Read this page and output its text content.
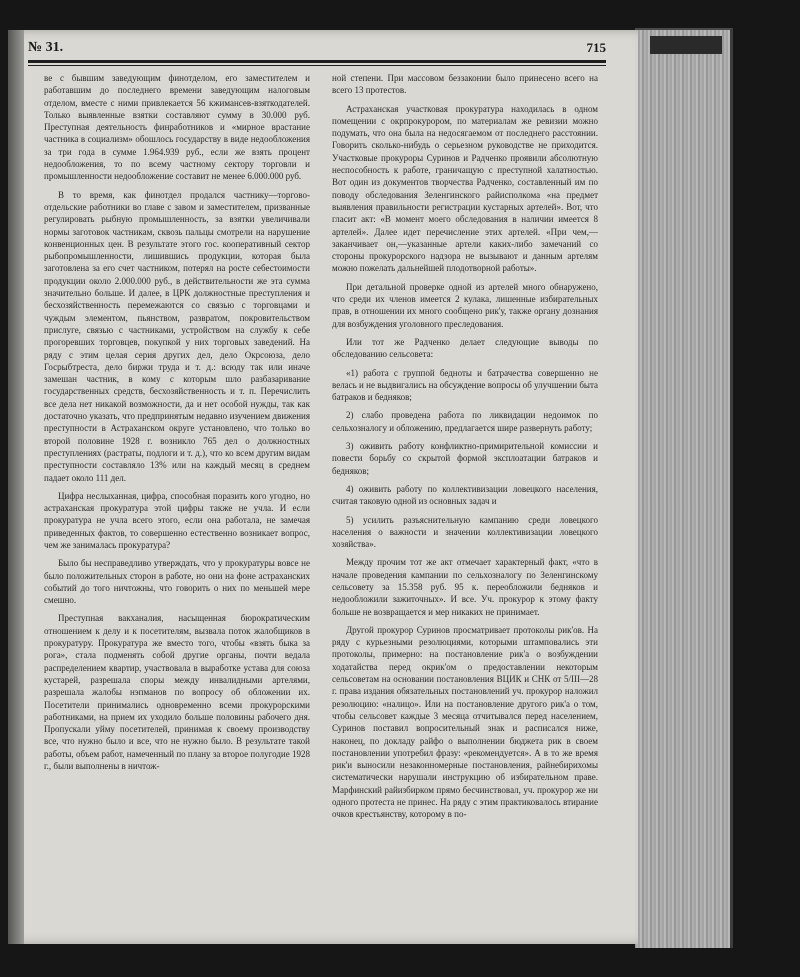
№ 31.	715

ве с бывшим заведующим финотделом, его заместителем и работавшим до последнего времени заведующим налоговым отделом, вместе с ними привлекается 56 кжимансев-взяткодателей. Только выявленные взятки составляют сумму в 30.000 руб. Преступная деятельность финработников и «мирное врастание частника в социализм» обошлось государству в виде недообложения за три года в сумме 1.964.939 руб., если же взять процент недообложения, то по всему частному сектору торговли и промышленности недообложение составит не менее 6.000.000 руб.

В то время, как финотдел продался частнику—торгово-отдельские работники во главе с завом и заместителем, призванные регулировать рыбную промышленность, за взятки увеличивали нормы заготовок частникам, сквозь пальцы смотрели на нарушение конвенционных цен. В результате этого гос. кооперативный сектор рыбопромышленности, лишившись продукции, которая была заготовлена за его счет частником, потерял на росте себестоимости продукции около 2.000.000 руб., в действительности же эта сумма значительно больше. И далее, в ЦРК должностные преступления и бесхозяйственность перемежаются со связью с торговцами и чуждым элементом, пьянством, развратом, покровительством прислуге, связью с частниками, устройством на службу к себе прогоревших торговцев, покупкой у них торговых заведений. На ряду с этим целая серия других дел, дело Окрсоюза, дело Госрыбтреста, дело биржи труда и т. д.: всюду так или иначе замешан частник, в кому с которым шло разбазаривание государственных средств, бесхозяйственность и т. п. Перечислить все дела нет никакой возможности, да и нет особой нужды, так как достаточно указать, что предпринятым недавно изучением движения преступности в Астраханском округе установлено, что только во второй половине 1928 г. возникло 765 дел о должностных преступлениях (растраты, подлоги и т. д.), что ко всем другим видам преступности составляло 13% или на каждый месяц в среднем падает около 111 дел.

Цифра неслыханная, цифра, способная поразить кого угодно, но астраханская прокуратура этой цифры также не учла. И если прокуратура не учла всего этого, если она работала, не замечая приведенных фактов, то совершенно естественно возникает вопрос, чем же занималась прокуратура?

Было бы несправедливо утверждать, что у прокуратуры вовсе не было положительных сторон в работе, но они на фоне астраханских событий до того ничтожны, что говорить о них по меньшей мере смешно.

Преступная вакханалия, насыщенная бюрократическим отношением к делу и к посетителям, вызвала поток жалобщиков в прокуратуру. Прокуратура же вместо того, чтобы «взять быка за рога», стала подменять собой другие органы, почти ведала распределением квартир, участвовала в выработке устава для союза кустарей, разрешала споры между инвалидными артелями, разрешала жалобы нэпманов по вопросу об обложении их. Посетители принимались одновременно всеми прокурорскими работниками, на прием их уходило больше половины рабочего дня. Пропускали уйму посетителей, принимая к своему производству все, что нужно было и все, что не нужно было. В результате такой работы, объем работ, намеченный по плану за второе полугодие 1928 г., были выполнены в ничтож-

ной степени. При массовом беззаконии было принесено всего на всего 13 протестов.

Астраханская участковая прокуратура находилась в одном помещении с окрпрокурором, по материалам же ревизии можно подумать, что она была на недосягаемом от последнего расстоянии. Говорить сколько-нибудь о серьезном руководстве не приходится. Участковые прокуроры Суринов и Радченко проявили абсолютную неспособность к работе, граничащую с преступной халатностью. Вот один из документов творчества Радченко, составленный им по поводу обследования Зеленгинского райисполкома «на предмет выявления правильности регистрации кустарных артелей». Вот, что гласит акт: «В момент моего обследования в наличии имеется 8 артелей». Далее идет перечисление этих артелей. «При чем,—заканчивает он,—указанные артели каких-либо замечаний со стороны прокурорского надзора не вызывают и данным артелям можно пожелать дальнейшей плодотворной работы».

При детальной проверке одной из артелей много обнаружено, что среди их членов имеется 2 кулака, лишенные избирательных прав, в отношении их много сообщено рик'у, также органу дознания для возбуждения уголовного преследования.

Или тот же Радченко делает следующие выводы по обследованию сельсовета:

«1) работа с группой бедноты и батрачества совершенно не велась и не выдвигались на обсуждение вопросы об улучшении быта батраков и бедняков;

2) слабо проведена работа по ликвидации недоимок по сельхозналогу и обложению, предлагается шире развернуть работу;

3) оживить работу конфликтно-примирительной комиссии и повести борьбу со скрытой формой эксплоатации батраков и бедняков;

4) оживить работу по коллективизации ловецкого населения, считая таковую одной из основных задач и

5) усилить разъяснительную кампанию среди ловецкого населения о важности и значении коллективизации ловецкого хозяйства».

Между прочим тот же акт отмечает характерный факт, «что в начале проведения кампании по сельхозналогу по Зеленгинскому сельсовету за 15.358 руб. 95 к. переобложили бедняков и недообложили зажиточных». И все. Уч. прокурор к этому факту больше не возвращается и мер никаких не принимает.

Другой прокурор Суринов просматривает протоколы рик'ов. На ряду с курьезными резолюциями, которыми штамповались эти протоколы, примерно: на постановление рик'а о возбуждении ходатайства перед окрик'ом о предоставлении некоторым сельсоветам на основании постановления ВЦИК и СНК от 5/III—28 г. права издания обязательных постановлений уч. прокурор наложил резолюцию: «налицо». Или на постановление другого рик'а о том, чтобы сельсовет каждые 3 месяца отчитывался перед населением, Суринов поставил вопросительный знак и расписался ниже, наконец, по докладу райфо о выполнении бюджета рик в своем постановлении употребил фразу: «рекомендуется». А в то же время рик'и выносили незаконномерные постановления, райнебирихомы систематически нарушали инструкцию об избирательном праве. Марфинский райизбирком прямо бесчинствовал, уч. прокурор же ни одного протеста не принес. На ряду с этим практиковалось втирание очков крестьянству, которому в по-
